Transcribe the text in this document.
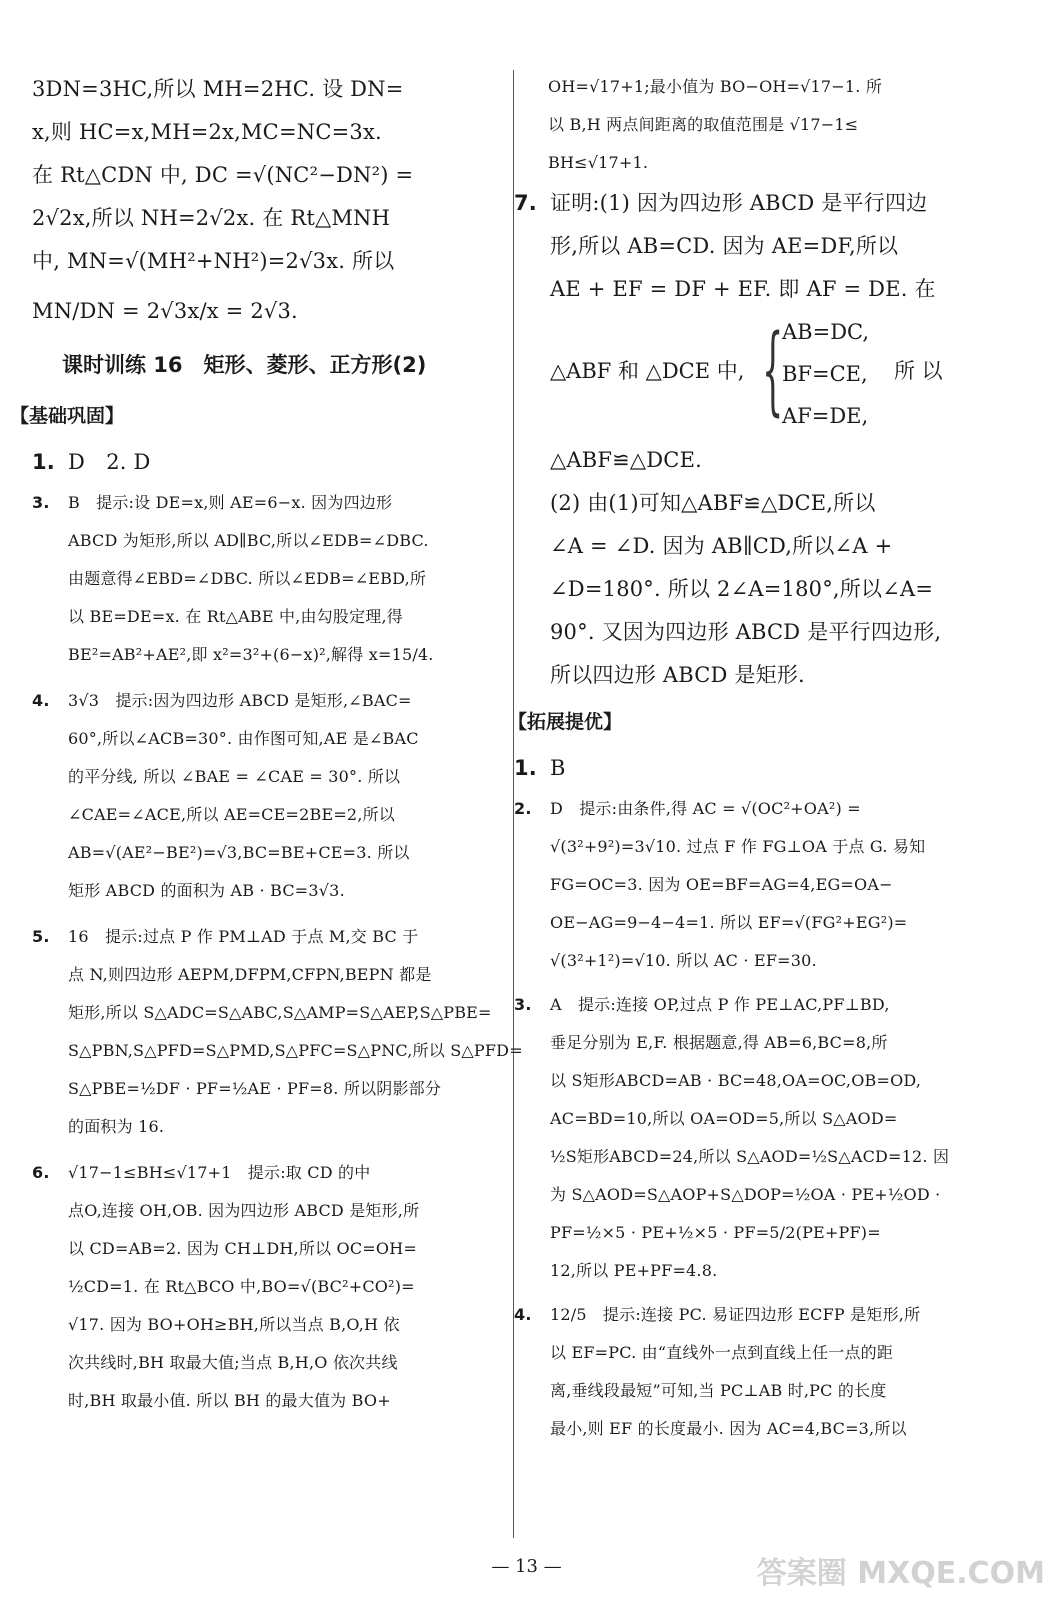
3DN=3HC,所以 MH=2HC. 设 DN=

x,则 HC=x,MH=2x,MC=NC=3x.

在 Rt△CDN 中, DC =√(NC²−DN²) =

2√2x,所以 NH=2√2x. 在 Rt△MNH

中, MN=√(MH²+NH²)=2√3x. 所以

MN/DN = 2√3x/x = 2√3.

课时训练 16　矩形、菱形、正方形(2)
【基础巩固】

1. D　2. D

3. B　提示:设 DE=x,则 AE=6−x. 因为四边形

ABCD 为矩形,所以 AD∥BC,所以∠EDB=∠DBC.

由题意得∠EBD=∠DBC. 所以∠EDB=∠EBD,所

以 BE=DE=x. 在 Rt△ABE 中,由勾股定理,得

BE²=AB²+AE²,即 x²=3²+(6−x)²,解得 x=15/4.

4. 3√3　提示:因为四边形 ABCD 是矩形,∠BAC=

60°,所以∠ACB=30°. 由作图可知,AE 是∠BAC

的平分线, 所以 ∠BAE = ∠CAE = 30°. 所以

∠CAE=∠ACE,所以 AE=CE=2BE=2,所以

AB=√(AE²−BE²)=√3,BC=BE+CE=3. 所以

矩形 ABCD 的面积为 AB · BC=3√3.

5. 16　提示:过点 P 作 PM⊥AD 于点 M,交 BC 于

点 N,则四边形 AEPM,DFPM,CFPN,BEPN 都是

矩形,所以 S△ADC=S△ABC,S△AMP=S△AEP,S△PBE=

S△PBN,S△PFD=S△PMD,S△PFC=S△PNC,所以 S△PFD=

S△PBE=½DF · PF=½AE · PF=8. 所以阴影部分

的面积为 16.

6. √17−1≤BH≤√17+1　提示:取 CD 的中

点O,连接 OH,OB. 因为四边形 ABCD 是矩形,所

以 CD=AB=2. 因为 CH⊥DH,所以 OC=OH=

½CD=1. 在 Rt△BCO 中,BO=√(BC²+CO²)=

√17. 因为 BO+OH≥BH,所以当点 B,O,H 依

次共线时,BH 取最大值;当点 B,H,O 依次共线

时,BH 取最小值. 所以 BH 的最大值为 BO+

OH=√17+1;最小值为 BO−OH=√17−1. 所

以 B,H 两点间距离的取值范围是 √17−1≤

BH≤√17+1.

7. 证明:(1) 因为四边形 ABCD 是平行四边

形,所以 AB=CD. 因为 AE=DF,所以

AE + EF = DF + EF. 即 AF = DE. 在

△ABF 和 △DCE 中, {
AB=DC,
BF=CE,
AF=DE,
所 以

△ABF≌△DCE.

(2) 由(1)可知△ABF≌△DCE,所以

∠A = ∠D. 因为 AB∥CD,所以∠A +

∠D=180°. 所以 2∠A=180°,所以∠A=

90°. 又因为四边形 ABCD 是平行四边形,

所以四边形 ABCD 是矩形.

【拓展提优】

1. B

2. D　提示:由条件,得 AC = √(OC²+OA²) =

√(3²+9²)=3√10. 过点 F 作 FG⊥OA 于点 G. 易知

FG=OC=3. 因为 OE=BF=AG=4,EG=OA−

OE−AG=9−4−4=1. 所以 EF=√(FG²+EG²)=

√(3²+1²)=√10. 所以 AC · EF=30.

3. A　提示:连接 OP,过点 P 作 PE⊥AC,PF⊥BD,

垂足分别为 E,F. 根据题意,得 AB=6,BC=8,所

以 S矩形ABCD=AB · BC=48,OA=OC,OB=OD,

AC=BD=10,所以 OA=OD=5,所以 S△AOD=

½S矩形ABCD=24,所以 S△AOD=½S△ACD=12. 因

为 S△AOD=S△AOP+S△DOP=½OA · PE+½OD ·

PF=½×5 · PE+½×5 · PF=5/2(PE+PF)=

12,所以 PE+PF=4.8.

4. 12/5　提示:连接 PC. 易证四边形 ECFP 是矩形,所

以 EF=PC. 由“直线外一点到直线上任一点的距

离,垂线段最短”可知,当 PC⊥AB 时,PC 的长度

最小,则 EF 的长度最小. 因为 AC=4,BC=3,所以

— 13 —	答案圈 MXQE.COM
